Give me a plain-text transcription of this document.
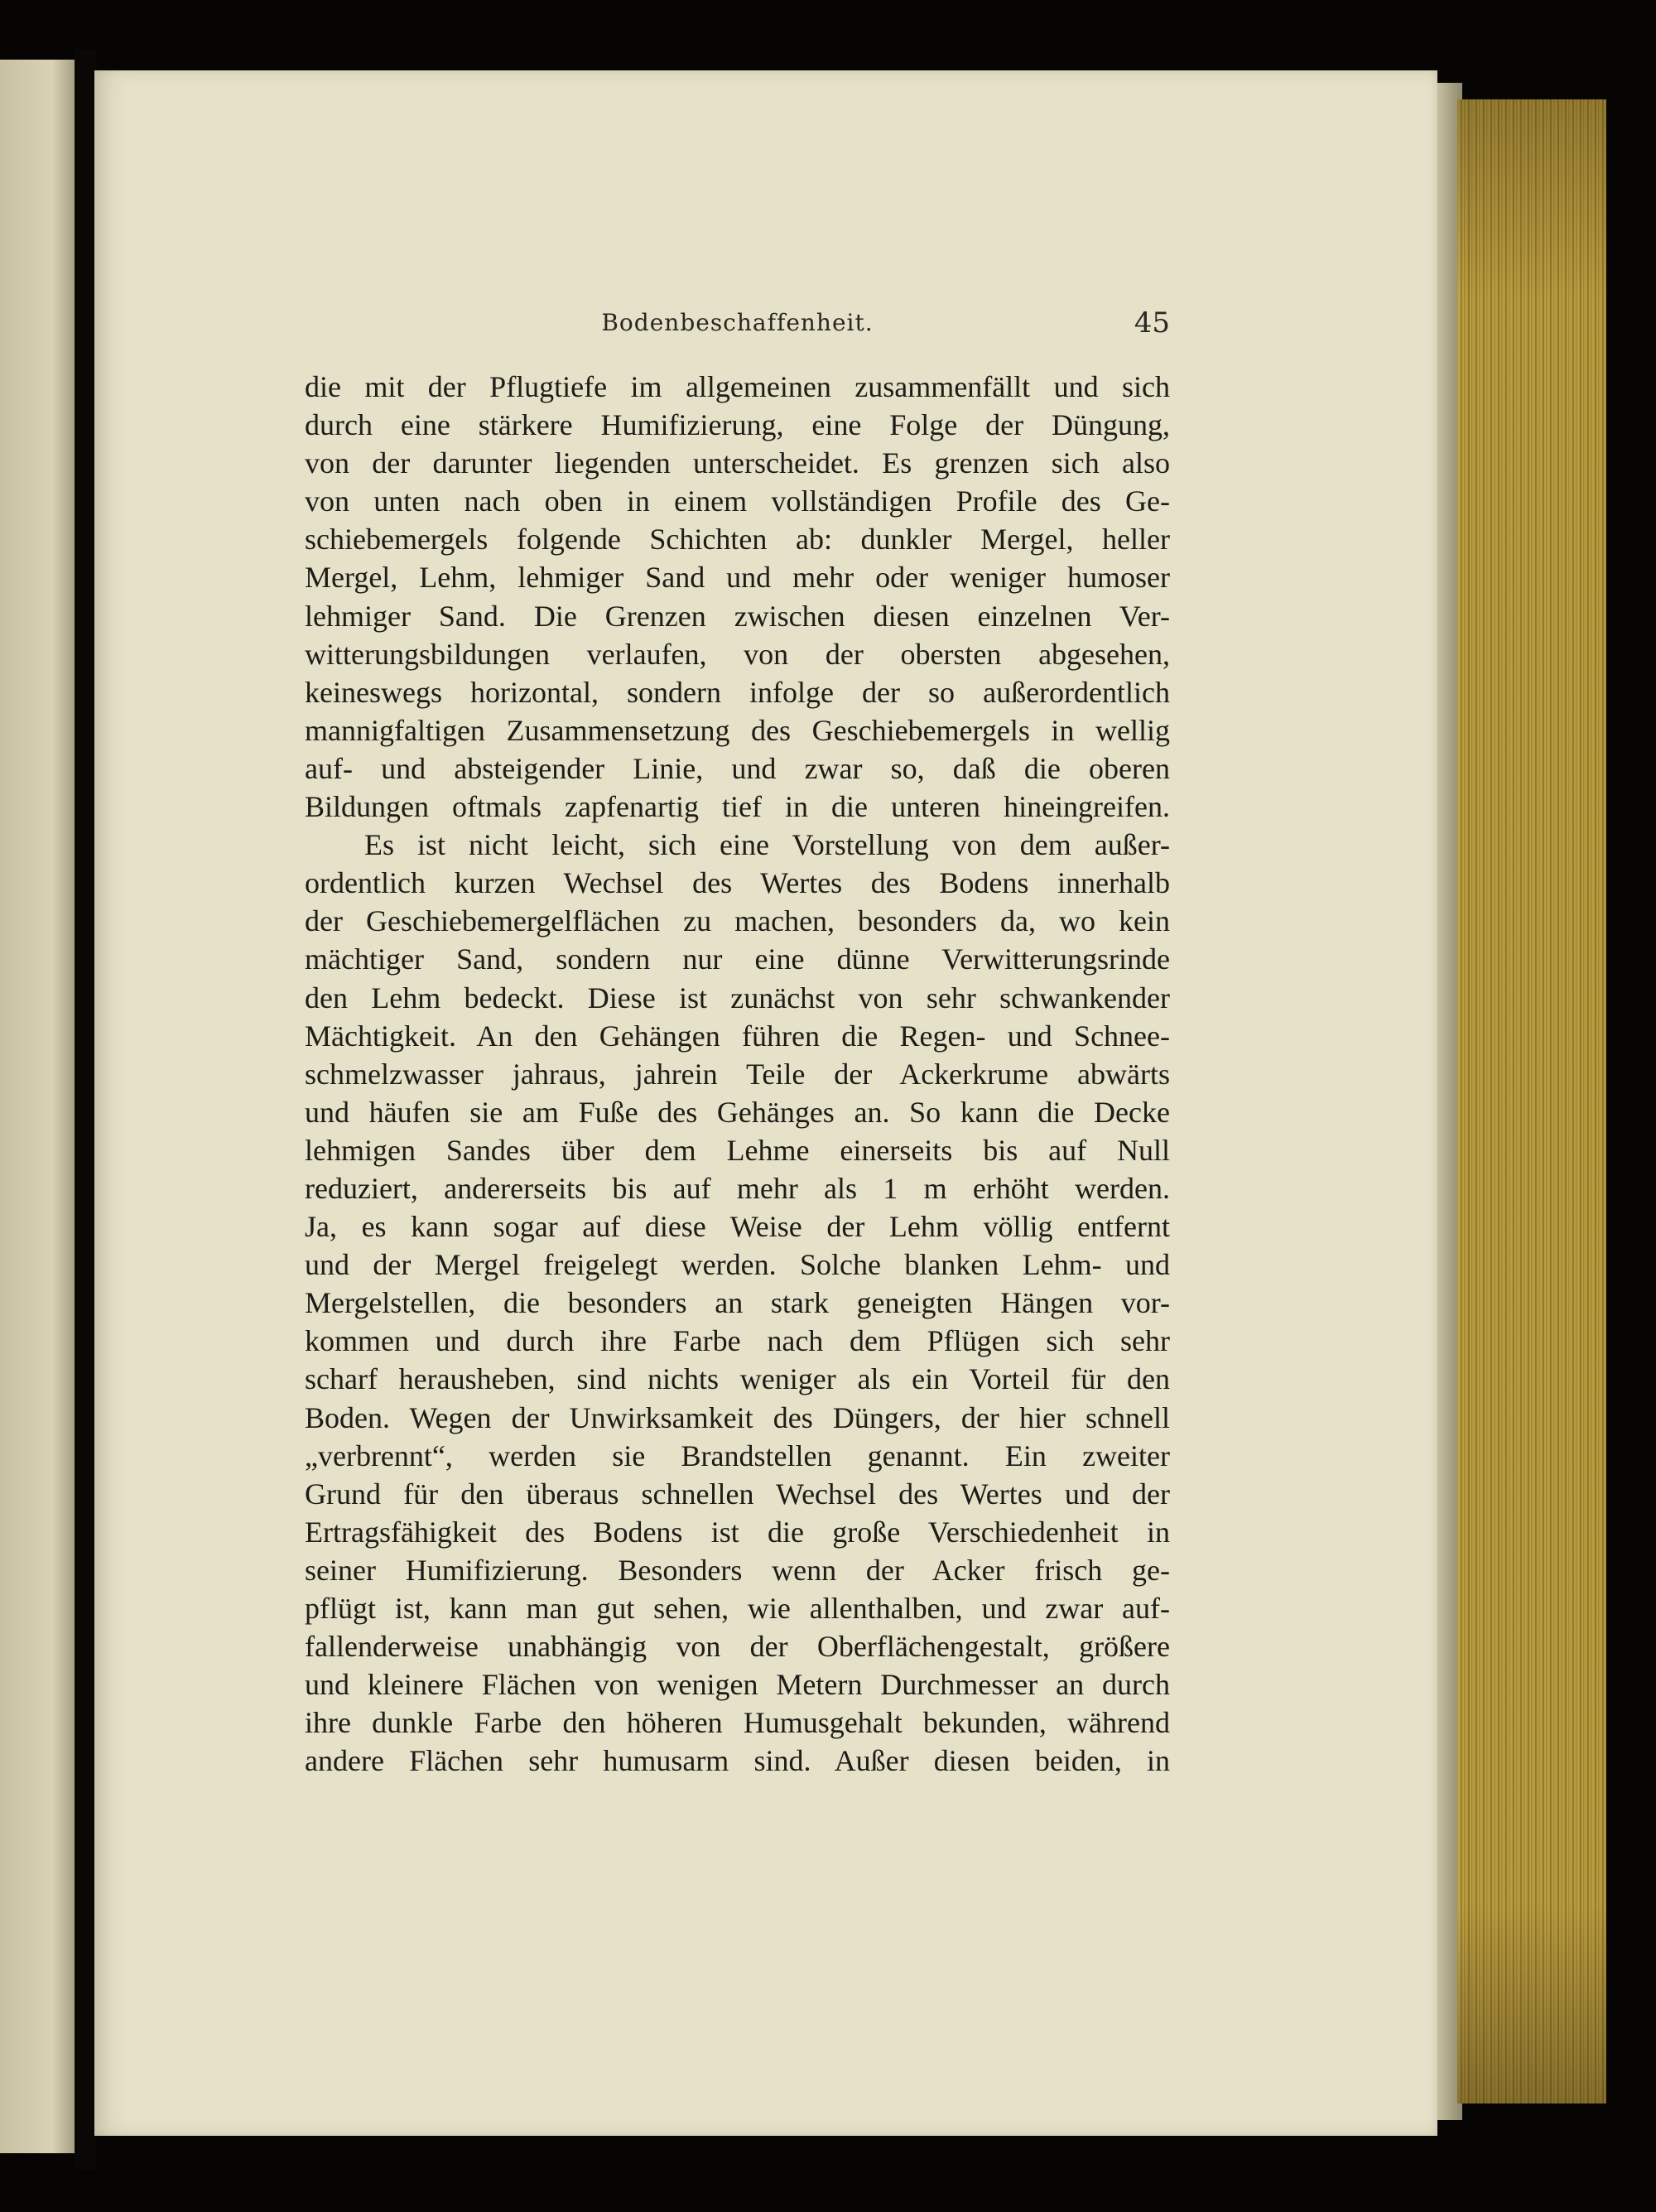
Bodenbeschaffenheit.	45
die mit der Pflugtiefe im allgemeinen zusammenfällt und sich
durch eine stärkere Humifizierung, eine Folge der Düngung,
von der darunter liegenden unterscheidet. Es grenzen sich also
von unten nach oben in einem vollständigen Profile des Ge-
schiebemergels folgende Schichten ab: dunkler Mergel, heller
Mergel, Lehm, lehmiger Sand und mehr oder weniger humoser
lehmiger Sand. Die Grenzen zwischen diesen einzelnen Ver-
witterungsbildungen verlaufen, von der obersten abgesehen,
keineswegs horizontal, sondern infolge der so außerordentlich
mannigfaltigen Zusammensetzung des Geschiebemergels in wellig
auf- und absteigender Linie, und zwar so, daß die oberen
Bildungen oftmals zapfenartig tief in die unteren hineingreifen.
Es ist nicht leicht, sich eine Vorstellung von dem außer-
ordentlich kurzen Wechsel des Wertes des Bodens innerhalb
der Geschiebemergelflächen zu machen, besonders da, wo kein
mächtiger Sand, sondern nur eine dünne Verwitterungsrinde
den Lehm bedeckt. Diese ist zunächst von sehr schwankender
Mächtigkeit. An den Gehängen führen die Regen- und Schnee-
schmelzwasser jahraus, jahrein Teile der Ackerkrume abwärts
und häufen sie am Fuße des Gehänges an. So kann die Decke
lehmigen Sandes über dem Lehme einerseits bis auf Null
reduziert, andererseits bis auf mehr als 1 m erhöht werden.
Ja, es kann sogar auf diese Weise der Lehm völlig entfernt
und der Mergel freigelegt werden. Solche blanken Lehm- und
Mergelstellen, die besonders an stark geneigten Hängen vor-
kommen und durch ihre Farbe nach dem Pflügen sich sehr
scharf herausheben, sind nichts weniger als ein Vorteil für den
Boden. Wegen der Unwirksamkeit des Düngers, der hier schnell
„verbrennt“, werden sie Brandstellen genannt. Ein zweiter
Grund für den überaus schnellen Wechsel des Wertes und der
Ertragsfähigkeit des Bodens ist die große Verschiedenheit in
seiner Humifizierung. Besonders wenn der Acker frisch ge-
pflügt ist, kann man gut sehen, wie allenthalben, und zwar auf-
fallenderweise unabhängig von der Oberflächengestalt, größere
und kleinere Flächen von wenigen Metern Durchmesser an durch
ihre dunkle Farbe den höheren Humusgehalt bekunden, während
andere Flächen sehr humusarm sind. Außer diesen beiden, in
